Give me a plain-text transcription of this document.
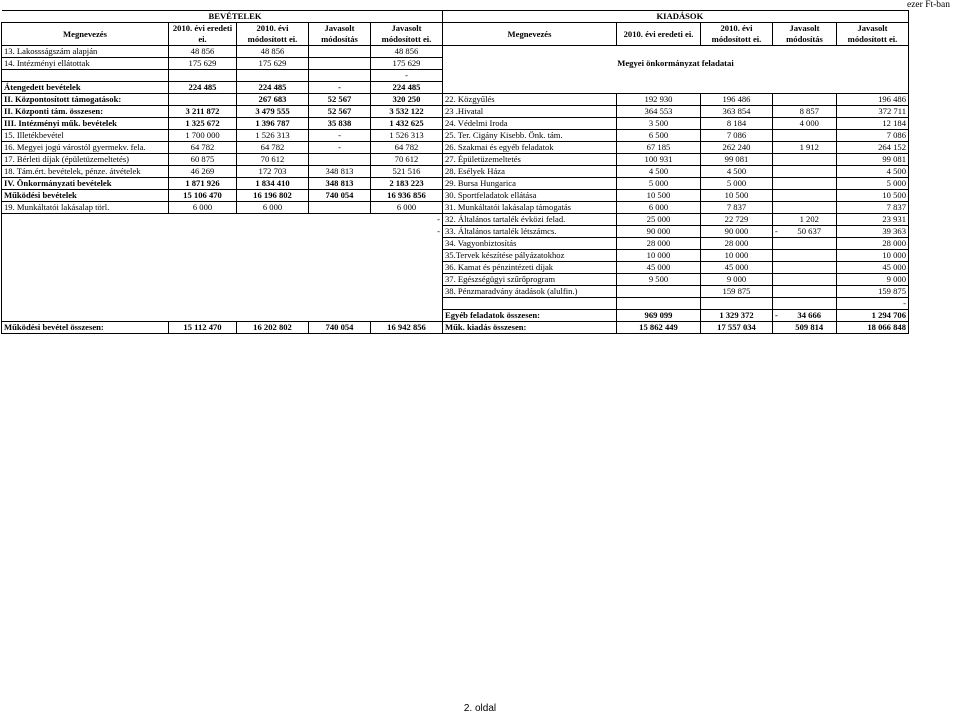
ezer Ft-ban
	BEVÉTELEK					KIADÁSOK				
Megnevezés	2010. évi eredeti ei.	2010. évi módosított ei.	Javasolt módosítás	Javasolt módosított ei.	Megnevezés	2010. évi eredeti ei.	2010. évi módosított ei.	Javasolt módosítás		Javasolt módosított ei.

13. Lakossságszám alapján	48 856	48 856		48 856						
14. Intézményi ellátottak	175 629	175 629		175 629	Megyei önkormányzat feladatai					
				-						
Átengedett bevételek	224 485	224 485	-	224 485						
II. Központosított támogatások:		267 683	52 567	320 250	22. Közgyűlés	192 930	196 486			196 486
II. Központi tám. összesen:	3 211 872	3 479 555	52 567	3 532 122	23 .Hivatal	364 553	363 854		8 857	372 711
III. Intézményi műk. bevételek	1 325 672	1 396 787	35 838	1 432 625	24. Védelmi Iroda	3 500	8 184		4 000	12 184
15. Illetékbevétel	1 700 000	1 526 313	-	1 526 313	25. Ter. Cigány Kisebb. Önk. tám.	6 500	7 086			7 086
16. Megyei jogú várostól gyermekv. fela.	64 782	64 782	-	64 782	26. Szakmai és egyéb feladatok	67 185	262 240		1 912	264 152
17. Bérleti díjak (épületüzemeltetés)	60 875	70 612		70 612	27. Épületüzemeltetés	100 931	99 081			99 081
18. Tám.ért. bevételek, pénze. átvételek	46 269	172 703	348 813	521 516	28. Esélyek Háza	4 500	4 500			4 500
IV. Önkormányzati bevételek	1 871 926	1 834 410	348 813	2 183 223	29. Bursa Hungarica	5 000	5 000			5 000
Működési bevételek	15 106 470	16 196 802	740 054	16 936 856	30. Sportfeladatok ellátása	10 500	10 500			10 500
19. Munkáltatói lakásalap törl.	6 000	6 000		6 000	31. Munkáltatói lakásalap támogatás	6 000	7 837			7 837
				-	32. Általános tartalék évközi felad.	25 000	22 729		1 202	23 931
				-	33. Általános tartalék létszámcs.	90 000	90 000	-	50 637	39 363
					34. Vagyonbiztosítás	28 000	28 000			28 000
					35.Tervek készítése pályázatokhoz	10 000	10 000			10 000
					36. Kamat és pénzintézeti díjak	45 000	45 000			45 000
					37. Egészségügyi szűrőprogram	9 500	9 000			9 000
					38. Pénzmaradvány átadások (alulfin.)		159 875			159 875
										-
					Egyéb feladatok összesen:	969 099	1 329 372	-	34 666	1 294 706
Működési bevétel összesen:	15 112 470	16 202 802	740 054	16 942 856	Műk. kiadás összesen:	15 862 449	17 557 034		509 814	18 066 848
2. oldal
